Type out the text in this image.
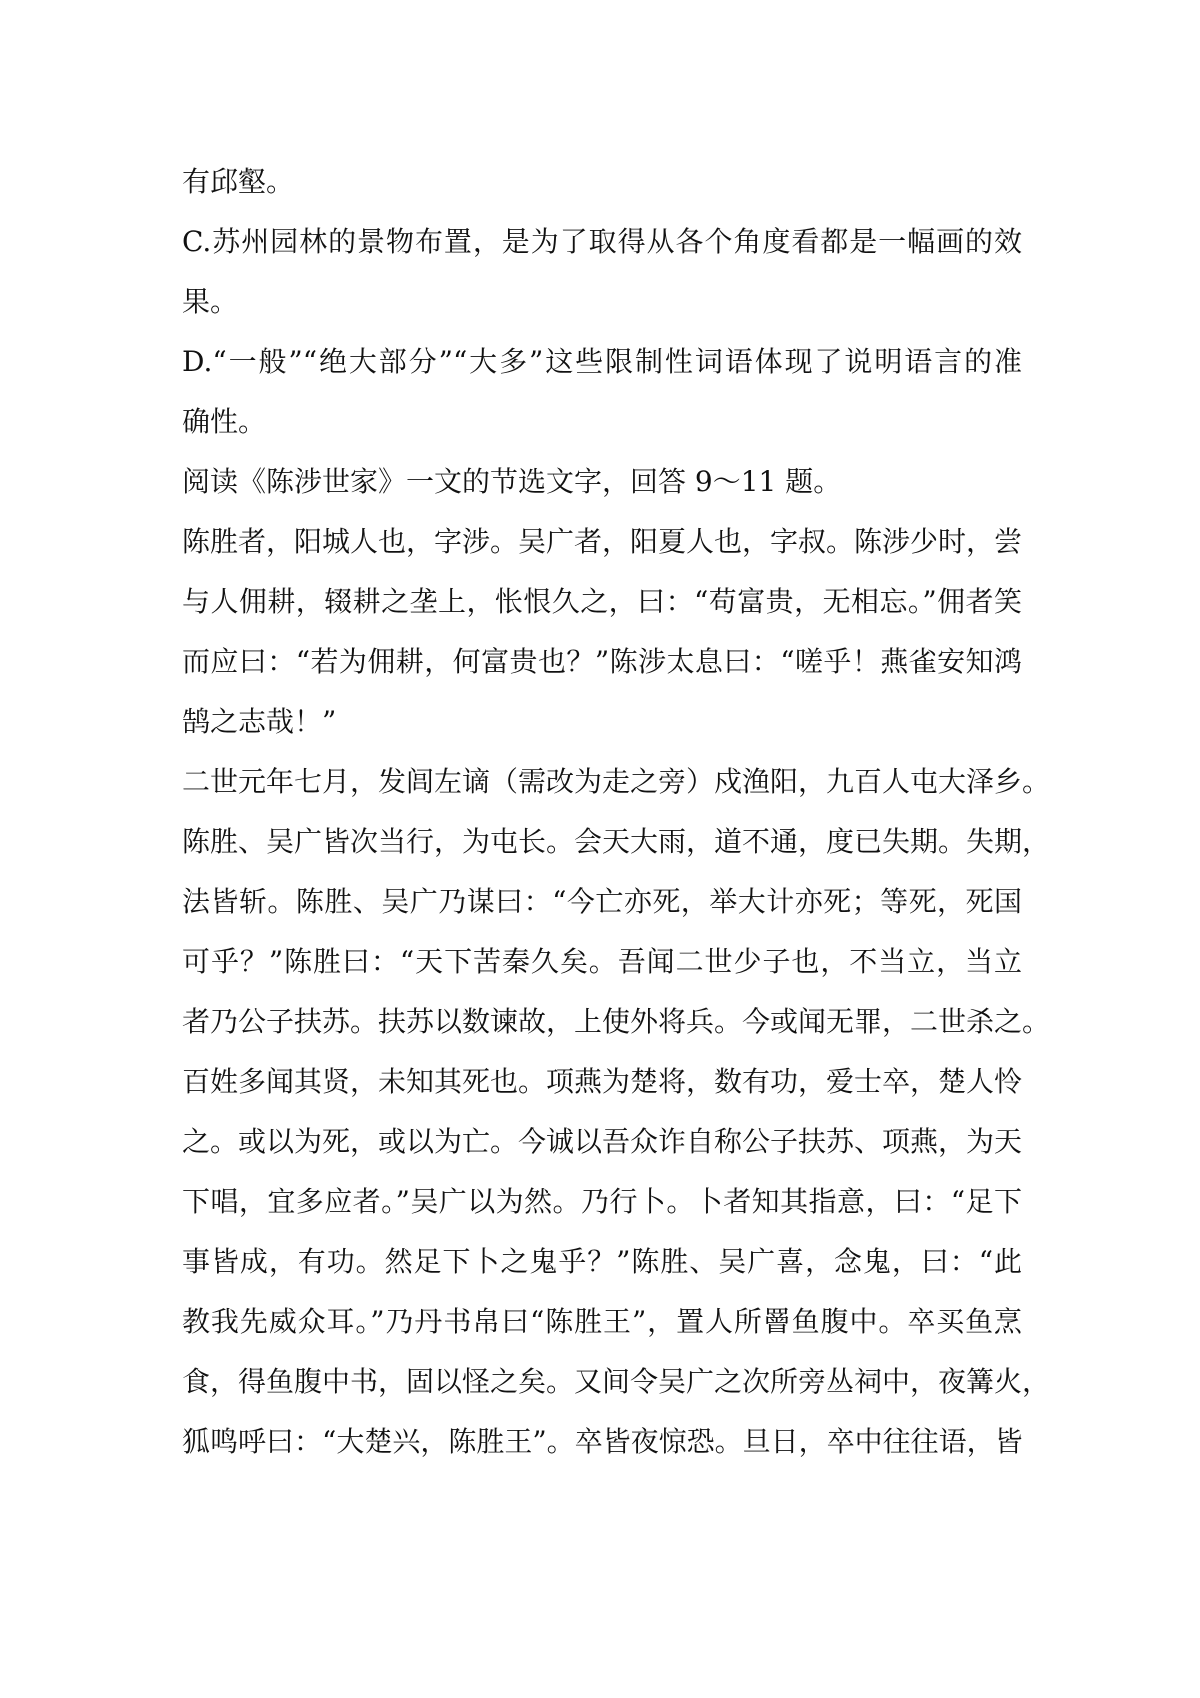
有邱壑。
C.苏州园林的景物布置，是为了取得从各个角度看都是一幅画的效
果。
D.“一般”“绝大部分”“大多”这些限制性词语体现了说明语言的准
确性。
阅读《陈涉世家》一文的节选文字，回答 9～11 题。
陈胜者，阳城人也，字涉。吴广者，阳夏人也，字叔。陈涉少时，尝
与人佣耕，辍耕之垄上，怅恨久之，曰：“苟富贵，无相忘。”佣者笑
而应曰：“若为佣耕，何富贵也？”陈涉太息曰：“嗟乎！燕雀安知鸿
鹄之志哉！”
二世元年七月，发闾左谪（需改为走之旁）戍渔阳，九百人屯大泽乡。
陈胜、吴广皆次当行，为屯长。会天大雨，道不通，度已失期。失期，
法皆斩。陈胜、吴广乃谋曰：“今亡亦死，举大计亦死；等死，死国
可乎？”陈胜曰：“天下苦秦久矣。吾闻二世少子也，不当立，当立
者乃公子扶苏。扶苏以数谏故，上使外将兵。今或闻无罪，二世杀之。
百姓多闻其贤，未知其死也。项燕为楚将，数有功，爱士卒，楚人怜
之。或以为死，或以为亡。今诚以吾众诈自称公子扶苏、项燕，为天
下唱，宜多应者。”吴广以为然。乃行卜。卜者知其指意，曰：“足下
事皆成，有功。然足下卜之鬼乎？”陈胜、吴广喜，念鬼，曰：“此
教我先威众耳。”乃丹书帛曰“陈胜王”，置人所罾鱼腹中。卒买鱼烹
食，得鱼腹中书，固以怪之矣。又间令吴广之次所旁丛祠中，夜篝火，
狐鸣呼曰：“大楚兴，陈胜王”。卒皆夜惊恐。旦日，卒中往往语，皆
